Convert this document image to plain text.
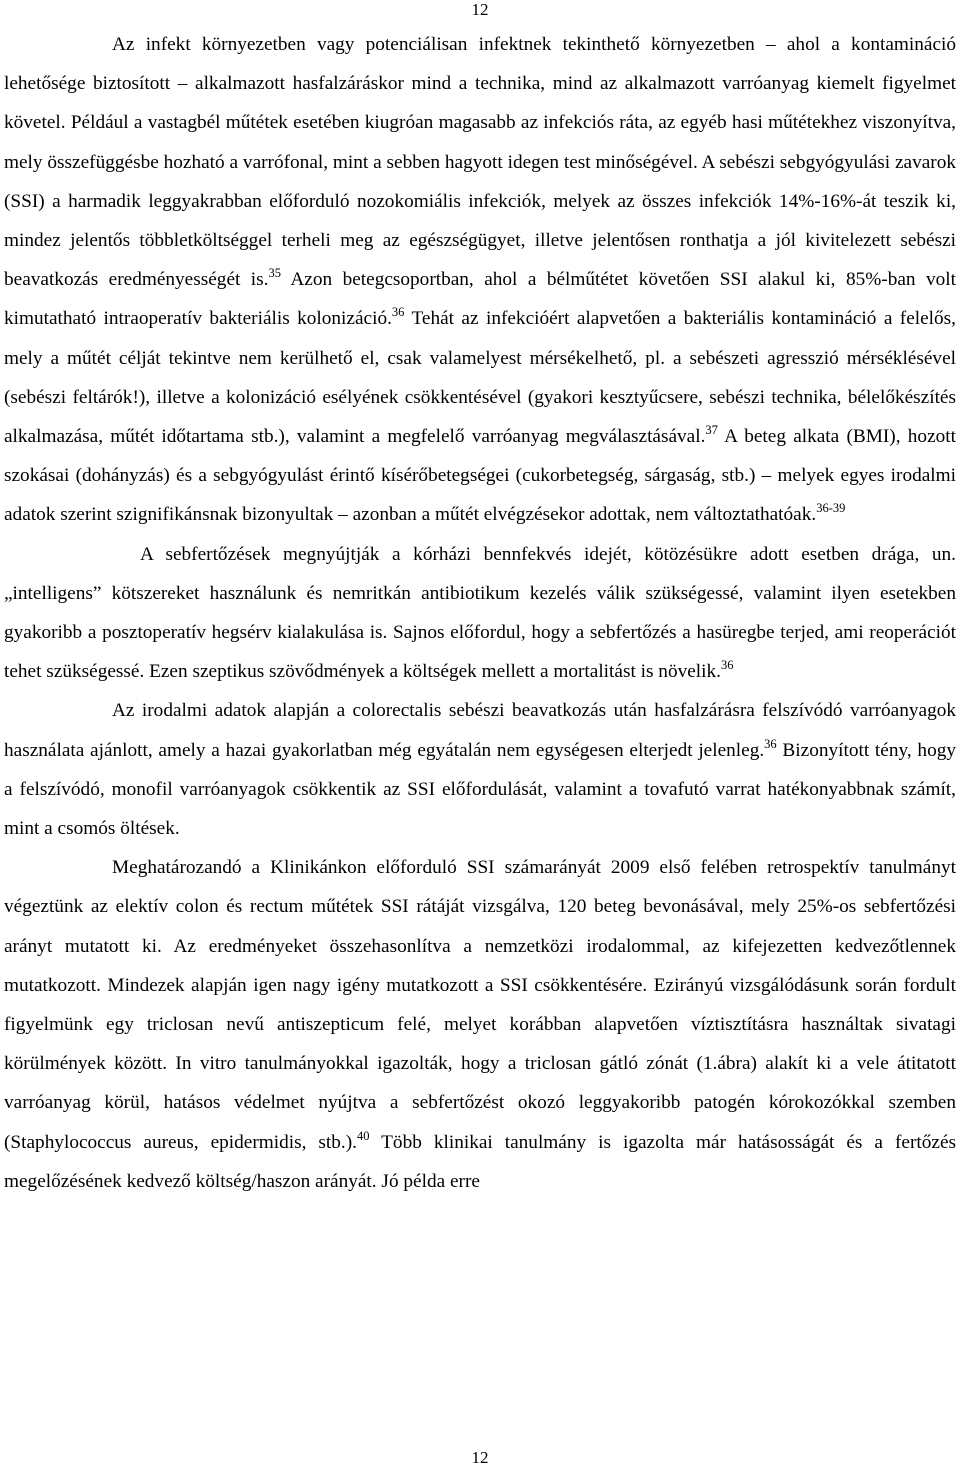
12

Az infekt környezetben vagy potenciálisan infektnek tekinthető környezetben – ahol a kontamináció lehetősége biztosított – alkalmazott hasfalzáráskor mind a technika, mind az alkalmazott varróanyag kiemelt figyelmet követel. Például a vastagbél műtétek esetében kiugróan magasabb az infekciós ráta, az egyéb hasi műtétekhez viszonyítva, mely összefüggésbe hozható a varrófonal, mint a sebben hagyott idegen test minőségével. A sebészi sebgyógyulási zavarok (SSI) a harmadik leggyakrabban előforduló nozokomiális infekciók, melyek az összes infekciók 14%-16%-át teszik ki, mindez jelentős többletköltséggel terheli meg az egészségügyet, illetve jelentősen ronthatja a jól kivitelezett sebészi beavatkozás eredményességét is.$^{35}$ Azon betegcsoportban, ahol a bélműtétet követően SSI alakul ki, 85%-ban volt kimutatható intraoperatív bakteriális kolonizáció.$^{36}$ Tehát az infekcióért alapvetően a bakteriális kontamináció a felelős, mely a műtét célját tekintve nem kerülhető el, csak valamelyest mérsékelhető, pl. a sebészeti agresszió mérséklésével (sebészi feltárók!), illetve a kolonizáció esélyének csökkentésével (gyakori kesztyűcsere, sebészi technika, bélelőkészítés alkalmazása, műtét időtartama stb.), valamint a megfelelő varróanyag megválasztásával.$^{37}$ A beteg alkata (BMI), hozott szokásai (dohányzás) és a sebgyógyulást érintő kísérőbetegségei (cukorbetegség, sárgaság, stb.) – melyek egyes irodalmi adatok szerint szignifikánsnak bizonyultak – azonban a műtét elvégzésekor adottak, nem változtathatóak.$^{36-39}$

A sebfertőzések megnyújtják a kórházi bennfekvés idejét, kötözésükre adott esetben drága, un. „intelligens” kötszereket használunk és nemritkán antibiotikum kezelés válik szükségessé, valamint ilyen esetekben gyakoribb a posztoperatív hegsérv kialakulása is. Sajnos előfordul, hogy a sebfertőzés a hasüregbe terjed, ami reoperációt tehet szükségessé. Ezen szeptikus szövődmények a költségek mellett a mortalitást is növelik.$^{36}$

Az irodalmi adatok alapján a colorectalis sebészi beavatkozás után hasfalzárásra felszívódó varróanyagok használata ajánlott, amely a hazai gyakorlatban még egyátalán nem egységesen elterjedt jelenleg.$^{36}$ Bizonyított tény, hogy a felszívódó, monofil varróanyagok csökkentik az SSI előfordulását, valamint a tovafutó varrat hatékonyabbnak számít, mint a csomós öltések.

Meghatározandó a Klinikánkon előforduló SSI számarányát 2009 első felében retrospektív tanulmányt végeztünk az elektív colon és rectum műtétek SSI rátáját vizsgálva, 120 beteg bevonásával, mely 25%-os sebfertőzési arányt mutatott ki. Az eredményeket összehasonlítva a nemzetközi irodalommal, az kifejezetten kedvezőtlennek mutatkozott. Mindezek alapján igen nagy igény mutatkozott a SSI csökkentésére. Ezirányú vizsgálódásunk során fordult figyelmünk egy triclosan nevű antiszepticum felé, melyet korábban alapvetően víztisztításra használtak sivatagi körülmények között. In vitro tanulmányokkal igazolták, hogy a triclosan gátló zónát (1.ábra) alakít ki a vele átitatott varróanyag körül, hatásos védelmet nyújtva a sebfertőzést okozó leggyakoribb patogén kórokozókkal szemben (Staphylococcus aureus, epidermidis, stb.).$^{40}$ Több klinikai tanulmány is igazolta már hatásosságát és a fertőzés megelőzésének kedvező költség/haszon arányát. Jó példa erre

12
